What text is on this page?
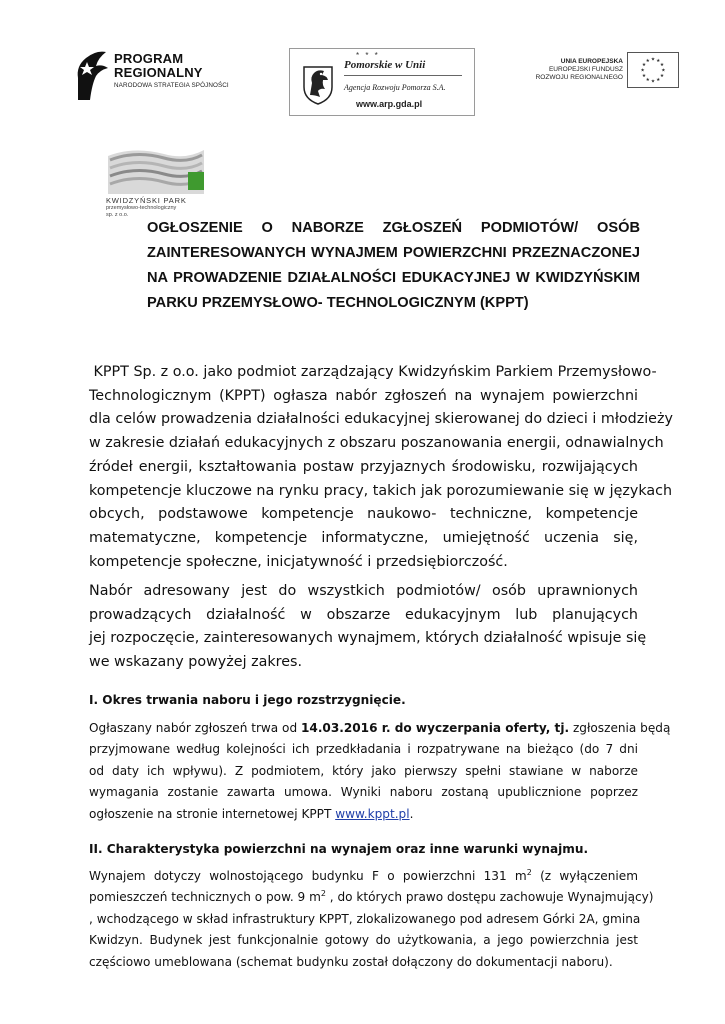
PROGRAM
REGIONALNY
NARODOWA STRATEGIA SPÓJNOŚCI
* * *
Pomorskie w Unii
Agencja Rozwoju Pomorza S.A.
www.arp.gda.pl
UNIA EUROPEJSKA
EUROPEJSKI FUNDUSZ
ROZWOJU REGIONALNEGO
★ ★
★
★
★
★
★
★
★
★
★
★
KWIDZYŃSKI PARK
przemysłowo-technologiczny
sp. z o.o.
OGŁOSZENIE O NABORZE ZGŁOSZEŃ PODMIOTÓW/ OSÓB
ZAINTERESOWANYCH WYNAJMEM POWIERZCHNI PRZEZNACZONEJ
NA PROWADZENIE DZIAŁALNOŚCI EDUKACYJNEJ W KWIDZYŃSKIM
PARKU PRZEMYSŁOWO- TECHNOLOGICZNYM (KPPT)
KPPT Sp. z o.o. jako podmiot zarządzający Kwidzyńskim Parkiem Przemysłowo-
Technologicznym (KPPT) ogłasza nabór zgłoszeń na wynajem powierzchni
dla celów prowadzenia działalności edukacyjnej skierowanej do dzieci i młodzieży
w zakresie działań edukacyjnych z obszaru poszanowania energii, odnawialnych
źródeł energii, kształtowania postaw przyjaznych środowisku, rozwijających
kompetencje kluczowe na rynku pracy, takich jak porozumiewanie się w językach
obcych, podstawowe kompetencje naukowo- techniczne, kompetencje
matematyczne, kompetencje informatyczne, umiejętność uczenia się,
kompetencje społeczne, inicjatywność i przedsiębiorczość.
Nabór adresowany jest do wszystkich podmiotów/ osób uprawnionych
prowadzących działalność w obszarze edukacyjnym lub planujących
jej rozpoczęcie, zainteresowanych wynajmem, których działalność wpisuje się
we wskazany powyżej zakres.
I. Okres trwania naboru i jego rozstrzygnięcie.
Ogłaszany nabór zgłoszeń trwa od 14.03.2016 r. do wyczerpania oferty, tj. zgłoszenia będą
przyjmowane według kolejności ich przedkładania i rozpatrywane na bieżąco (do 7 dni
od daty ich wpływu). Z podmiotem, który jako pierwszy spełni stawiane w naborze
wymagania zostanie zawarta umowa. Wyniki naboru zostaną upublicznione poprzez
ogłoszenie na stronie internetowej KPPT www.kppt.pl.
II. Charakterystyka powierzchni na wynajem oraz inne warunki wynajmu.
Wynajem dotyczy wolnostojącego budynku F o powierzchni 131 $m^2$ (z wyłączeniem
pomieszczeń technicznych o pow. 9 $m^2$ , do których prawo dostępu zachowuje Wynajmujący)
, wchodzącego w skład infrastruktury KPPT, zlokalizowanego pod adresem Górki 2A, gmina
Kwidzyn. Budynek jest funkcjonalnie gotowy do użytkowania, a jego powierzchnia jest
częściowo umeblowana (schemat budynku został dołączony do dokumentacji naboru).
